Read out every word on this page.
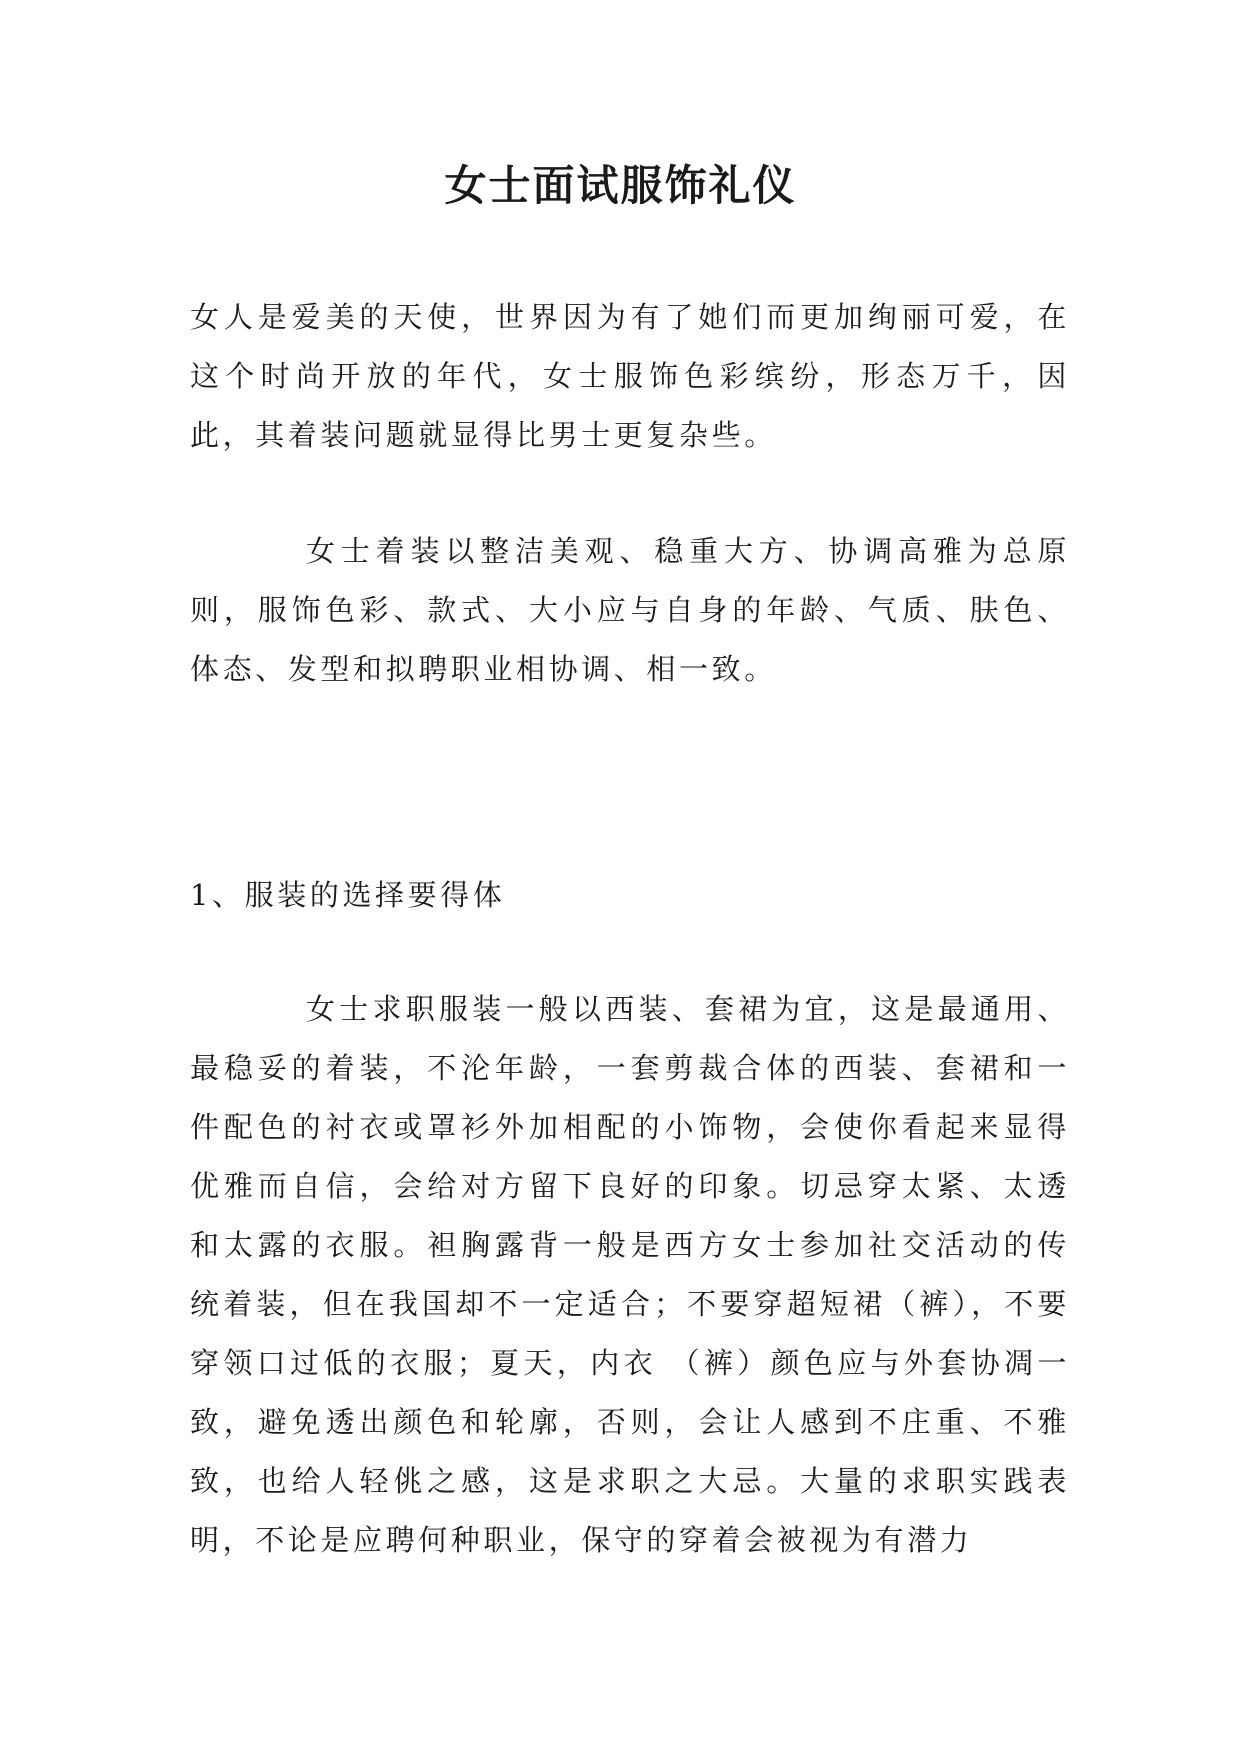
女士面试服饰礼仪

女人是爱美的天使，世界因为有了她们而更加绚丽可爱，在这个时尚开放的年代，女士服饰色彩缤纷，形态万千，因此，其着装问题就显得比男士更复杂些。

女士着装以整洁美观、稳重大方、协调高雅为总原则，服饰色彩、款式、大小应与自身的年龄、气质、肤色、体态、发型和拟聘职业相协调、相一致。

1、服装的选择要得体

女士求职服装一般以西装、套裙为宜，这是最通用、最稳妥的着装，不沦年龄，一套剪裁合体的西装、套裙和一件配色的衬衣或罩衫外加相配的小饰物，会使你看起来显得优雅而自信，会给对方留下良好的印象。切忌穿太紧、太透和太露的衣服。袒胸露背一般是西方女士参加社交活动的传统着装，但在我国却不一定适合；不要穿超短裙（裤），不要穿领口过低的衣服；夏天，内衣 （裤）颜色应与外套协凋一致，避免透出颜色和轮廓，否则，会让人感到不庄重、不雅致，也给人轻佻之感，这是求职之大忌。大量的求职实践表明，不论是应聘何种职业，保守的穿着会被视为有潜力
